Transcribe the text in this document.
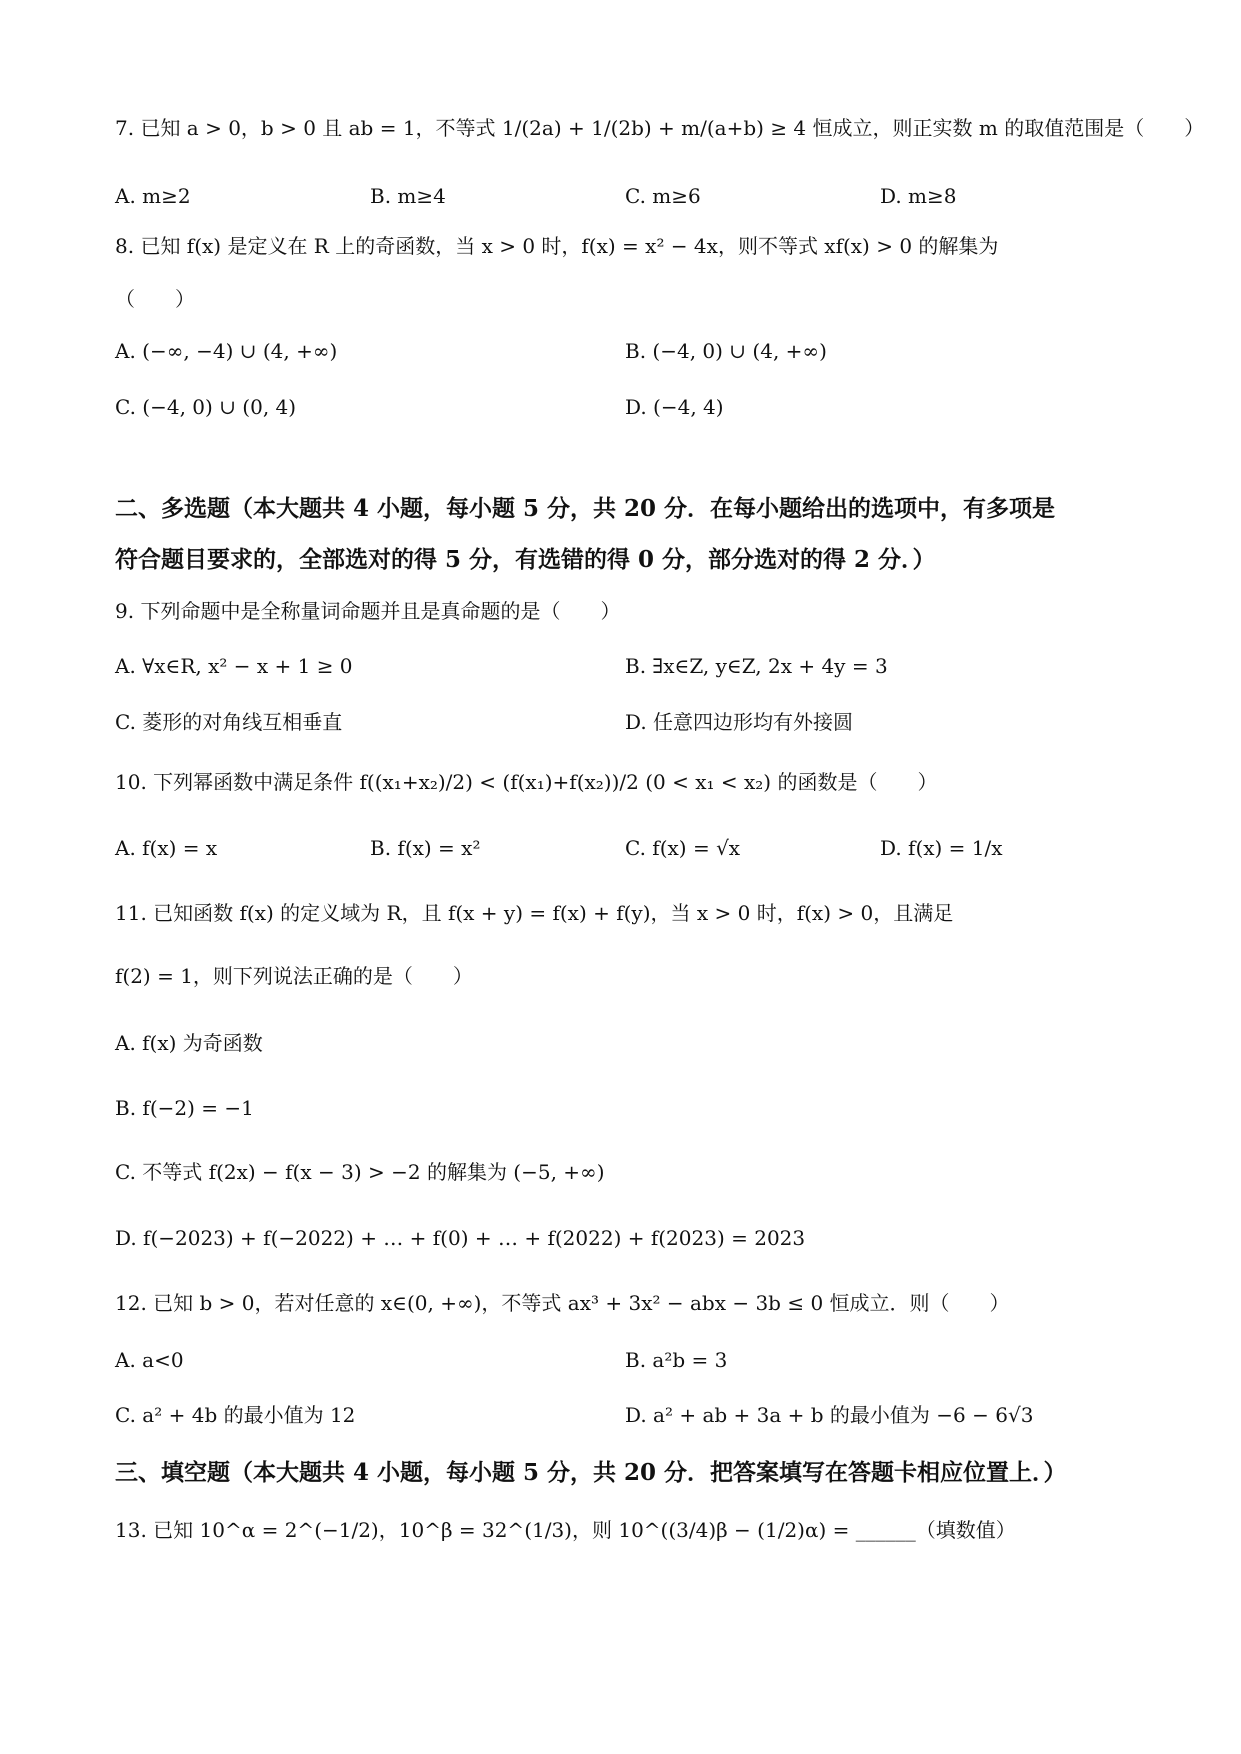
7. 已知 a > 0，b > 0 且 ab = 1，不等式 1/(2a) + 1/(2b) + m/(a+b) ≥ 4 恒成立，则正实数 m 的取值范围是（　　）
A. m≥2	B. m≥4	C. m≥6	D. m≥8
8. 已知 f(x) 是定义在 R 上的奇函数，当 x > 0 时，f(x) = x² − 4x，则不等式 xf(x) > 0 的解集为
（　　）
A. (−∞, −4) ∪ (4, +∞)	B. (−4, 0) ∪ (4, +∞)
C. (−4, 0) ∪ (0, 4)	D. (−4, 4)
二、多选题（本大题共 4 小题，每小题 5 分，共 20 分．在每小题给出的选项中，有多项是
符合题目要求的，全部选对的得 5 分，有选错的得 0 分，部分选对的得 2 分．）
9. 下列命题中是全称量词命题并且是真命题的是（　　）
A. ∀x∈R, x² − x + 1 ≥ 0	B. ∃x∈Z, y∈Z, 2x + 4y = 3
C. 菱形的对角线互相垂直	D. 任意四边形均有外接圆
10. 下列幂函数中满足条件 f((x₁+x₂)/2) < (f(x₁)+f(x₂))/2 (0 < x₁ < x₂) 的函数是（　　）
A. f(x) = x	B. f(x) = x²	C. f(x) = √x	D. f(x) = 1/x
11. 已知函数 f(x) 的定义域为 R，且 f(x + y) = f(x) + f(y)，当 x > 0 时，f(x) > 0，且满足
f(2) = 1，则下列说法正确的是（　　）
A. f(x) 为奇函数
B. f(−2) = −1
C. 不等式 f(2x) − f(x − 3) > −2 的解集为 (−5, +∞)
D. f(−2023) + f(−2022) + … + f(0) + … + f(2022) + f(2023) = 2023
12. 已知 b > 0，若对任意的 x∈(0, +∞)，不等式 ax³ + 3x² − abx − 3b ≤ 0 恒成立．则（　　）
A. a<0	B. a²b = 3
C. a² + 4b 的最小值为 12	D. a² + ab + 3a + b 的最小值为 −6 − 6√3
三、填空题（本大题共 4 小题，每小题 5 分，共 20 分．把答案填写在答题卡相应位置上．）
13. 已知 10^α = 2^(−1/2)，10^β = 32^(1/3)，则 10^((3/4)β − (1/2)α) = ______（填数值）
